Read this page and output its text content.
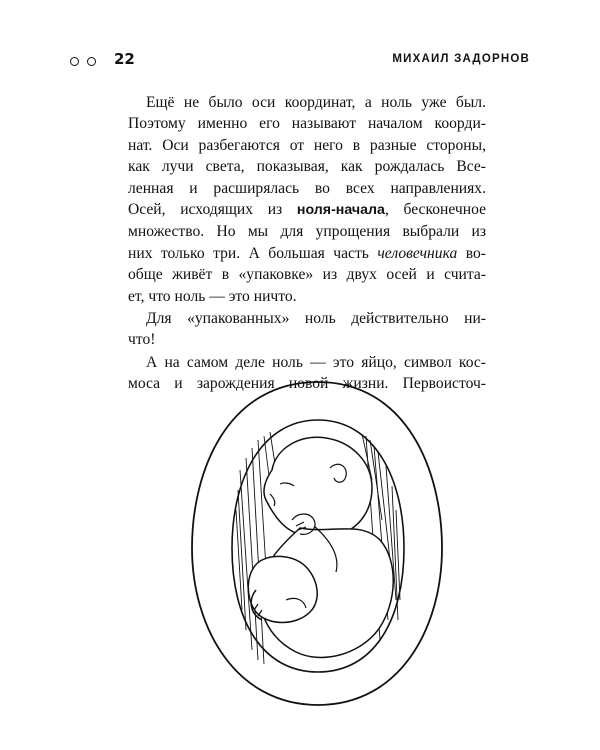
22	МИХАИЛ ЗАДОРНОВ

Ещё не было оси координат, а ноль уже был.
Поэтому именно его называют началом коорди-
нат. Оси разбегаются от него в разные стороны,
как лучи света, показывая, как рождалась Все-
ленная и расширялась во всех направлениях.
Осей, исходящих из ноля-начала, бесконечное
множество. Но мы для упрощения выбрали из
них только три. А большая часть человечника во-
обще живёт в «упаковке» из двух осей и счита-
ет, что ноль — это ничто.

Для «упакованных» ноль действительно ни-
что!

А на самом деле ноль — это яйцо, символ кос-
моса и зарождения новой жизни. Первоисточ-
